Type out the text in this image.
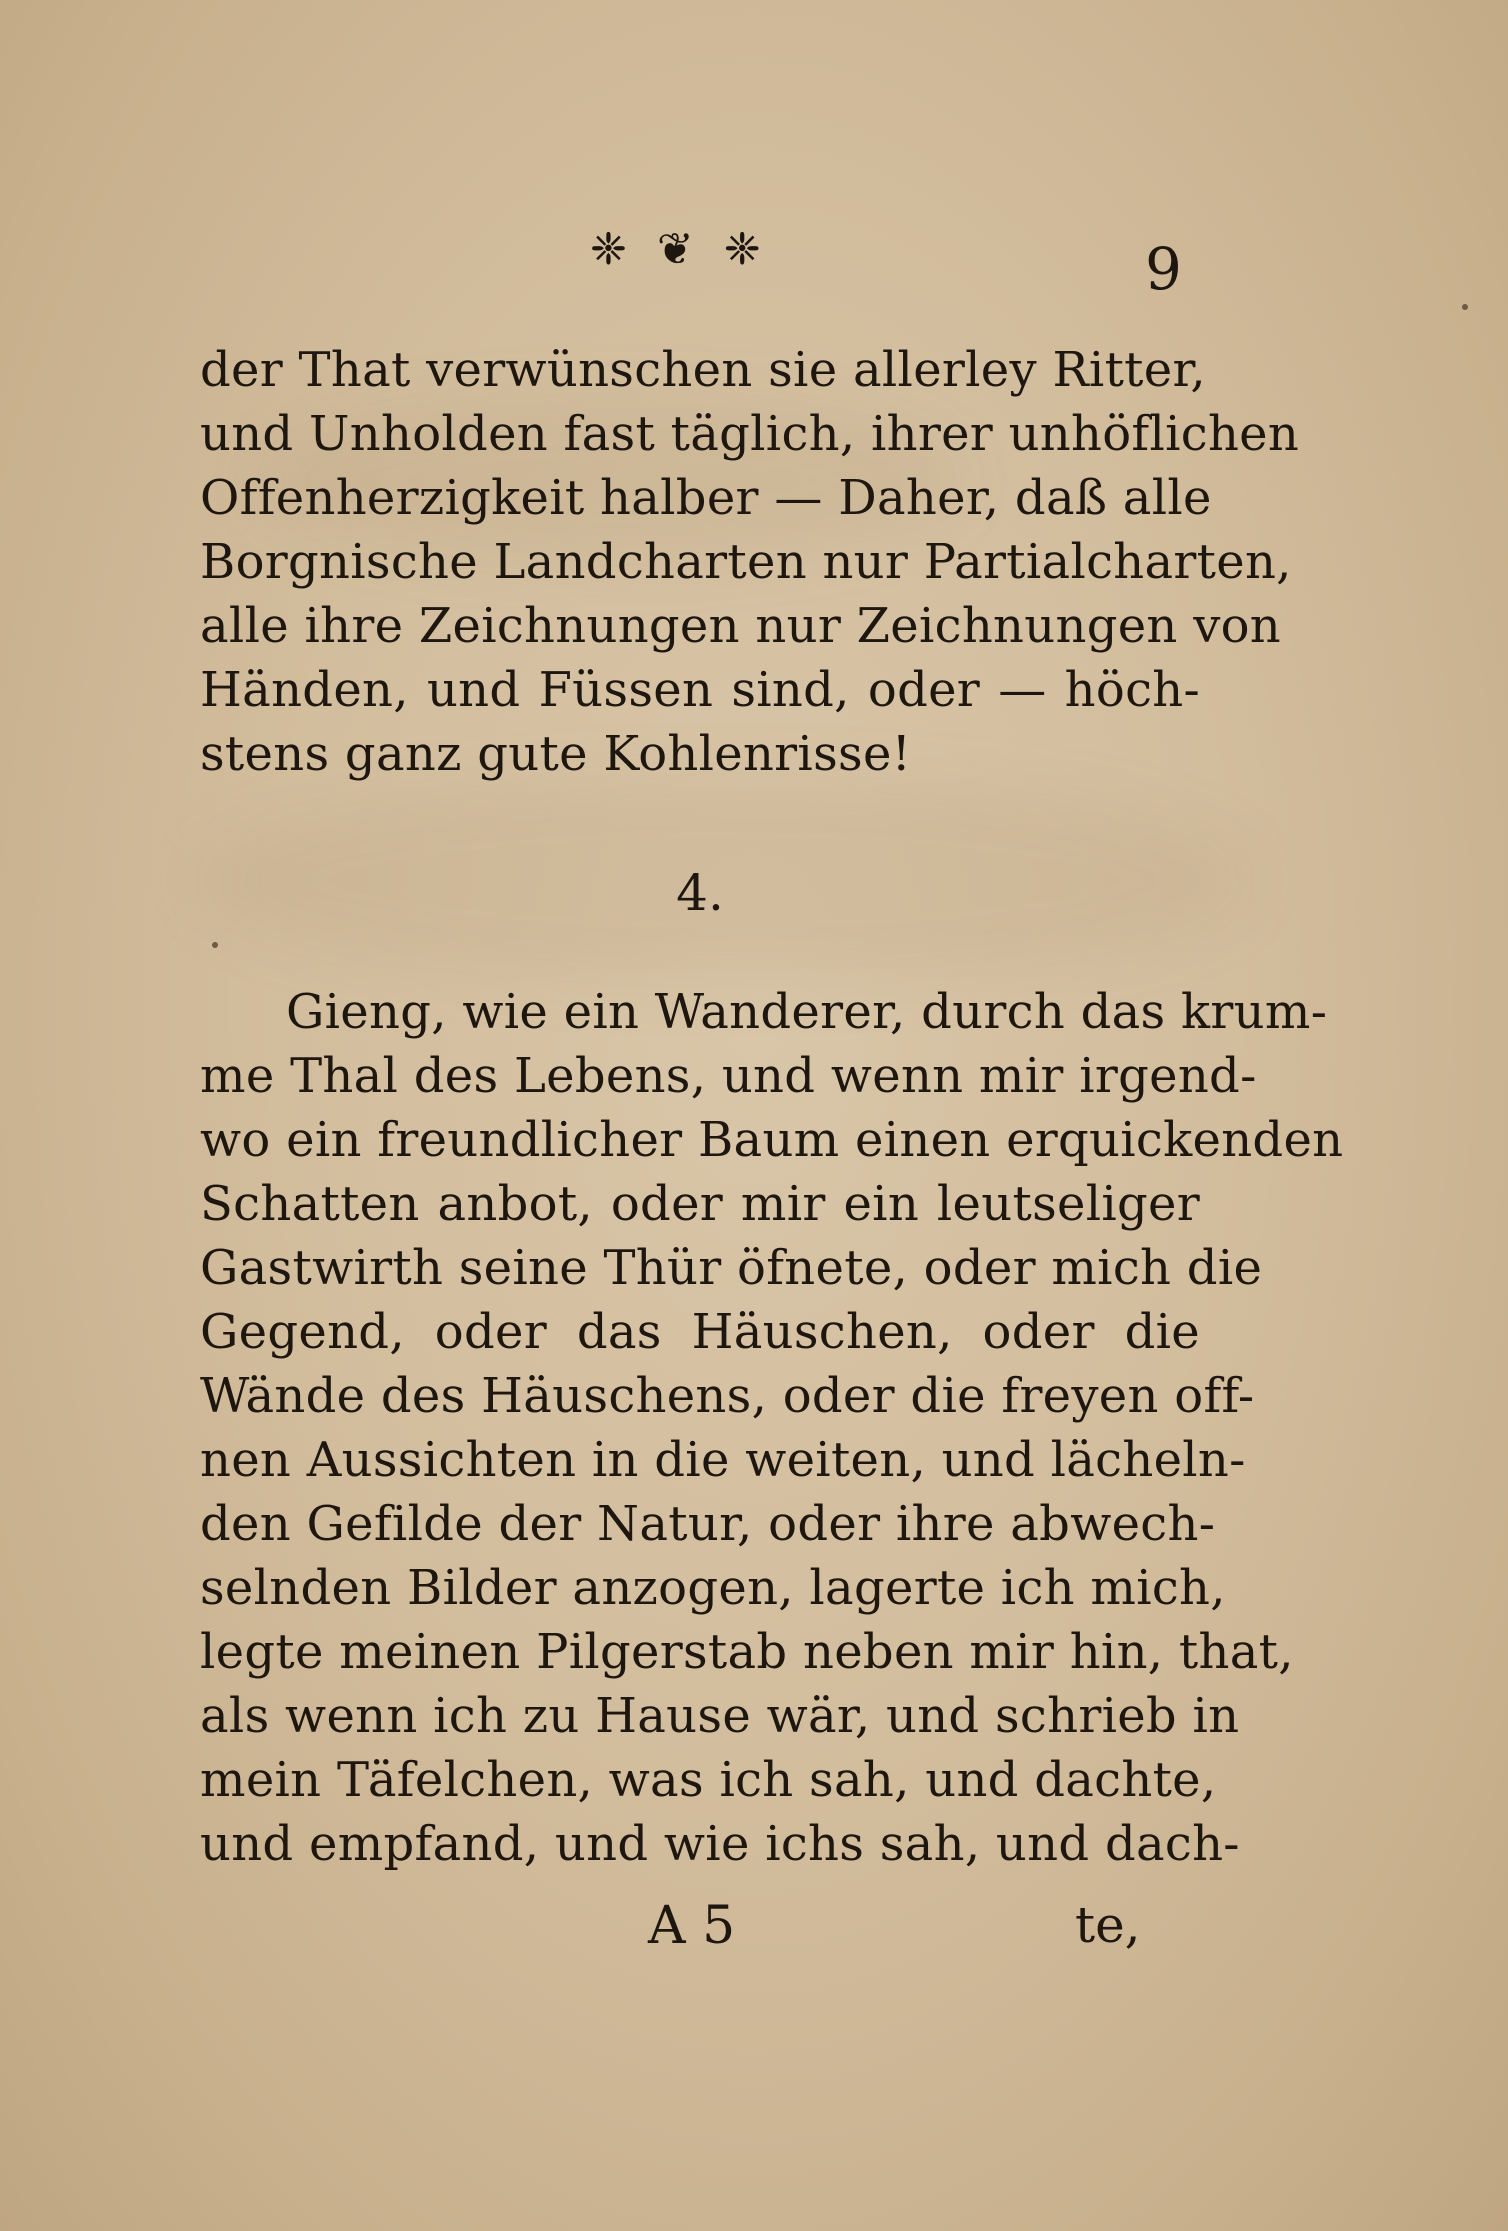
❈ ❦ ❈	9
der That verwünschen sie allerley Ritter,
und Unholden fast täglich, ihrer unhöflichen
Offenherzigkeit halber — Daher, daß alle
Borgnische Landcharten nur Partialcharten,
alle ihre Zeichnungen nur Zeichnungen von
Händen, und Füssen sind, oder — höch-
stens ganz gute Kohlenrisse!
4.
Gieng, wie ein Wanderer, durch das krum-
me Thal des Lebens, und wenn mir irgend-
wo ein freundlicher Baum einen erquickenden
Schatten anbot, oder mir ein leutseliger
Gastwirth seine Thür öfnete, oder mich die
Gegend, oder das Häuschen, oder die
Wände des Häuschens, oder die freyen off-
nen Aussichten in die weiten, und lächeln-
den Gefilde der Natur, oder ihre abwech-
selnden Bilder anzogen, lagerte ich mich,
legte meinen Pilgerstab neben mir hin, that,
als wenn ich zu Hause wär, und schrieb in
mein Täfelchen, was ich sah, und dachte,
und empfand, und wie ichs sah, und dach-
A 5	te,
